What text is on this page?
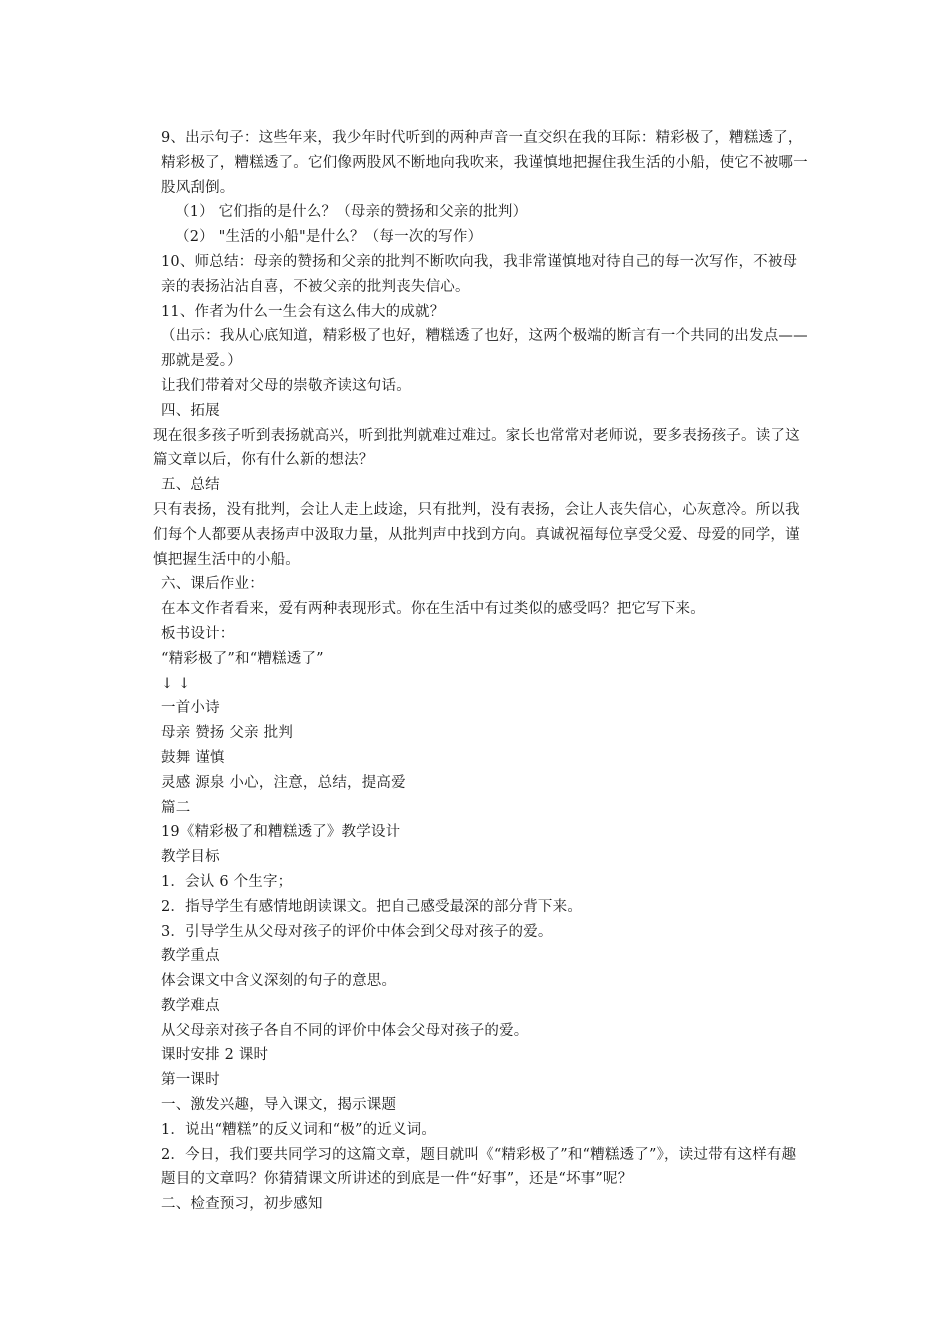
9、出示句子：这些年来，我少年时代听到的两种声音一直交织在我的耳际：精彩极了，糟糕透了，精彩极了，糟糕透了。它们像两股风不断地向我吹来，我谨慎地把握住我生活的小船，使它不被哪一股风刮倒。

（1） 它们指的是什么？（母亲的赞扬和父亲的批判）

（2） "生活的小船"是什么？（每一次的写作）

10、师总结：母亲的赞扬和父亲的批判不断吹向我，我非常谨慎地对待自己的每一次写作，不被母亲的表扬沾沾自喜，不被父亲的批判丧失信心。

11、作者为什么一生会有这么伟大的成就？

（出示：我从心底知道，精彩极了也好，糟糕透了也好，这两个极端的断言有一个共同的出发点——那就是爱。）

让我们带着对父母的崇敬齐读这句话。

四、拓展

现在很多孩子听到表扬就高兴，听到批判就难过难过。家长也常常对老师说，要多表扬孩子。读了这篇文章以后，你有什么新的想法？

五、总结

只有表扬，没有批判，会让人走上歧途，只有批判，没有表扬，会让人丧失信心，心灰意冷。所以我们每个人都要从表扬声中汲取力量，从批判声中找到方向。真诚祝福每位享受父爱、母爱的同学，谨慎把握生活中的小船。

六、课后作业：

在本文作者看来，爱有两种表现形式。你在生活中有过类似的感受吗？把它写下来。

板书设计：

“精彩极了”和“糟糕透了”

↓ ↓

一首小诗

母亲 赞扬 父亲 批判

鼓舞 谨慎

灵感 源泉 小心，注意，总结，提高爱

篇二

19《精彩极了和糟糕透了》教学设计

教学目标

1．会认 6 个生字；

2．指导学生有感情地朗读课文。把自己感受最深的部分背下来。

3．引导学生从父母对孩子的评价中体会到父母对孩子的爱。

教学重点

体会课文中含义深刻的句子的意思。

教学难点

从父母亲对孩子各自不同的评价中体会父母对孩子的爱。

课时安排 2 课时

第一课时

一、激发兴趣，导入课文，揭示课题

1．说出“糟糕”的反义词和“极”的近义词。

2．今日，我们要共同学习的这篇文章，题目就叫《“精彩极了”和“糟糕透了”》，读过带有这样有趣题目的文章吗？你猜猜课文所讲述的到底是一件“好事”，还是“坏事”呢？

二、检查预习，初步感知
